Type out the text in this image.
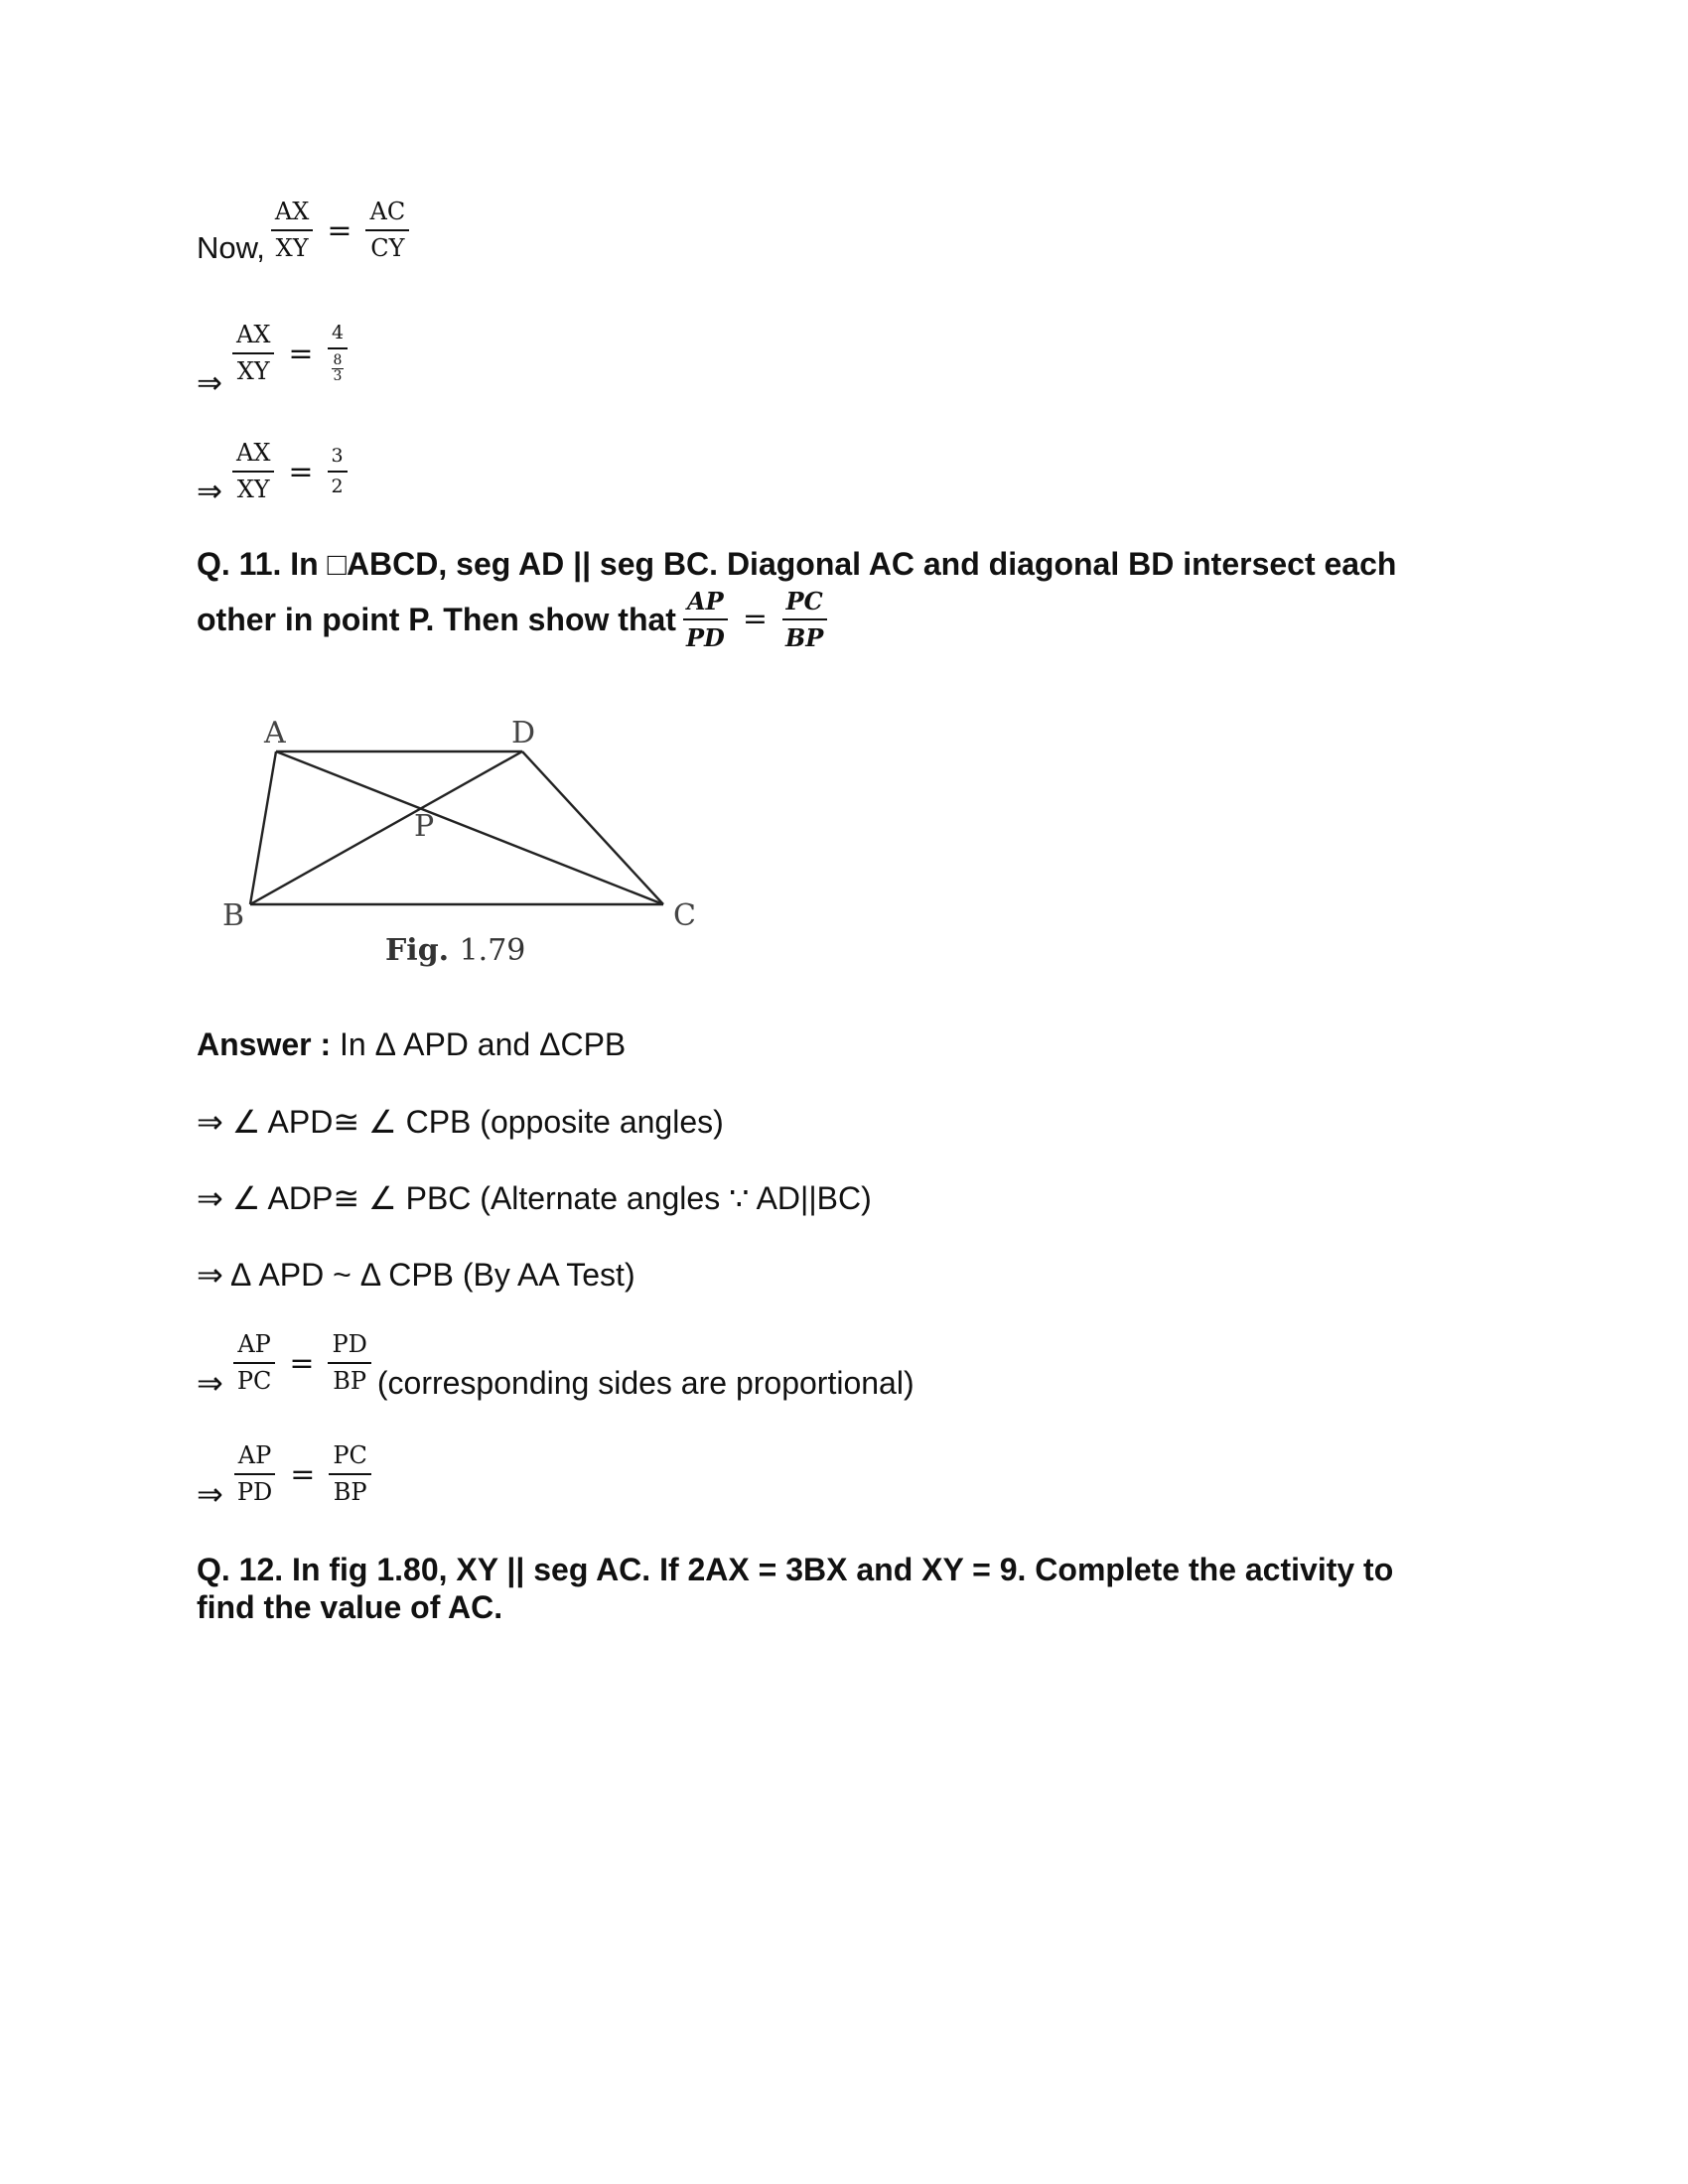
Now, $\frac{AX}{XY} = \frac{AC}{CY}$
⇒ $\frac{AX}{XY} = \frac{4}{\frac{8}{3}}$
⇒ $\frac{AX}{XY} = \frac{3}{2}$
Q. 11. In □ABCD, seg AD || seg BC. Diagonal AC and diagonal BD intersect each
other in point P. Then show that $\frac{AP}{PD} = \frac{PC}{BP}$
A	D
P
B	C
Fig. 1.79
Answer : In Δ APD and ΔCPB
⇒ ∠ APD≅ ∠ CPB (opposite angles)
⇒ ∠ ADP≅ ∠ PBC (Alternate angles ∵ AD||BC)
⇒ Δ APD ~ Δ CPB (By AA Test)
⇒ $\frac{AP}{PC} = \frac{PD}{BP}$ (corresponding sides are proportional)
⇒ $\frac{AP}{PD} = \frac{PC}{BP}$
Q. 12. In fig 1.80, XY || seg AC. If 2AX = 3BX and XY = 9. Complete the activity to
find the value of AC.
